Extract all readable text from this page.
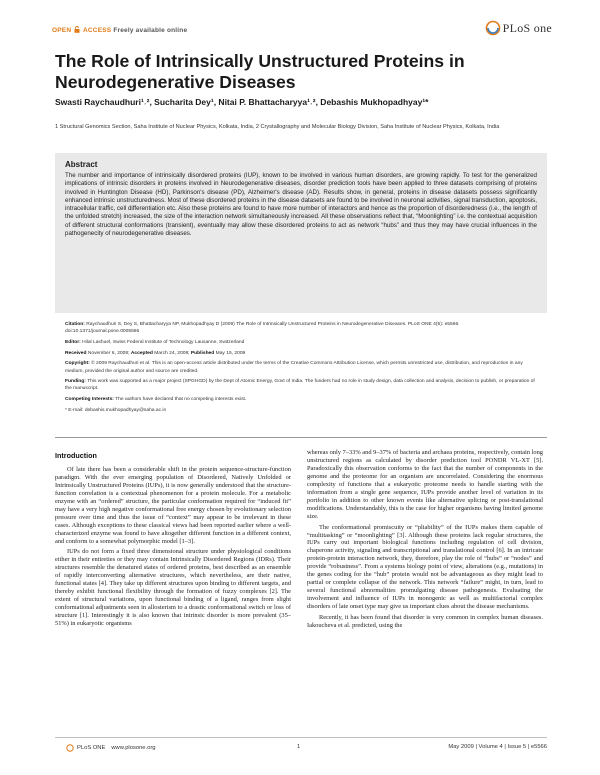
OPEN ACCESS Freely available online	PLoS one
The Role of Intrinsically Unstructured Proteins in Neurodegenerative Diseases
Swasti Raychaudhuri¹˒², Sucharita Dey¹, Nitai P. Bhattacharyya¹˒², Debashis Mukhopadhyay¹*
1 Structural Genomics Section, Saha Institute of Nuclear Physics, Kolkata, India, 2 Crystallography and Molecular Biology Division, Saha Institute of Nuclear Physics, Kolkata, India
Abstract

The number and importance of intrinsically disordered proteins (IUP), known to be involved in various human disorders, are growing rapidly. To test for the generalized implications of intrinsic disorders in proteins involved in Neurodegenerative diseases, disorder prediction tools have been applied to three datasets comprising of proteins involved in Huntington Disease (HD), Parkinson's disease (PD), Alzheimer's disease (AD). Results show, in general, proteins in disease datasets possess significantly enhanced intrinsic unstructuredness. Most of these disordered proteins in the disease datasets are found to be involved in neuronal activities, signal transduction, apoptosis, intracellular traffic, cell differentiation etc. Also these proteins are found to have more number of interactors and hence as the proportion of disorderedness (i.e., the length of the unfolded stretch) increased, the size of the interaction network simultaneously increased. All these observations reflect that, “Moonlighting” i.e. the contextual acquisition of different structural conformations (transient), eventually may allow these disordered proteins to act as network “hubs” and thus they may have crucial influences in the pathogenecity of neurodegenerative diseases.

Citation: Raychaudhuri S, Dey S, Bhattacharyya NP, Mukhopadhyay D (2009) The Role of Intrinsically Unstructured Proteins in Neurodegenerative Diseases. PLoS ONE 4(5): e5566. doi:10.1371/journal.pone.0005566
Editor: Hilal Lashuel, Swiss Federal Institute of Technology Lausanne, Switzerland
Received November 6, 2008; Accepted March 24, 2009; Published May 15, 2009
Copyright: © 2009 Raychaudhuri et al. This is an open-access article distributed under the terms of the Creative Commons Attribution License, which permits unrestricted use, distribution, and reproduction in any medium, provided the original author and source are credited.
Funding: This work was supported as a major project (SPGHGD) by the Dept of Atomic Energy, Govt of India. The funders had no role in study design, data collection and analysis, decision to publish, or preparation of the manuscript.
Competing Interests: The authors have declared that no competing interests exist.
* E-mail: debashis.mukhopadhyay@saha.ac.in
Introduction

Of late there has been a considerable shift in the protein sequence-structure-function paradigm. With the ever emerging population of Disordered, Natively Unfolded or Intrinsically Unstructured Proteins (IUPs), it is now generally understood that the structure-function correlation is a contextual phenomenon for a protein molecule. For a metabolic enzyme with an “ordered” structure, the particular conformation required for “induced fit” may have a very high negative conformational free energy chosen by evolutionary selection pressure over time and thus the issue of “context” may appear to be irrelevant in these cases. Although exceptions to these classical views had been reported earlier where a well-characterized enzyme was found to have altogether different function in a different context, and conform to a somewhat polymorphic model [1–3].

IUPs do not form a fixed three dimensional structure under physiological conditions either in their entireties or they may contain Intrinsically Disordered Regions (IDRs). Their structures resemble the denatured states of ordered proteins, best described as an ensemble of rapidly interconverting alternative structures, which nevertheless, are their native, functional states [4]. They take up different structures upon binding to different targets, and thereby exhibit functional flexibility through the formation of fuzzy complexes [2]. The extent of structural variations, upon functional binding of a ligand, ranges from slight conformational adjustments seen in allosterism to a drastic conformational switch or loss of structure [1]. Interestingly it is also known that intrinsic disorder is more prevalent (35–51%) in eukaryotic organisms

whereas only 7–33% and 9–37% of bacteria and archaea proteins, respectively, contain long unstructured regions as calculated by disorder prediction tool PONDR VL-XT [5]. Paradoxically this observation conforms to the fact that the number of components in the genome and the proteome for an organism are uncorrelated. Considering the enormous complexity of functions that a eukaryotic proteome needs to handle starting with the information from a single gene sequence, IUPs provide another level of variation in its portfolio in addition to other known events like alternative splicing or post-translational modifications. Understandably, this is the case for higher organisms having limited genome size.

The conformational promiscuity or “pliability” of the IUPs makes them capable of “multitasking” or “moonlighting” [3]. Although these proteins lack regular structures, the IUPs carry out important biological functions including regulation of cell division, chaperone activity, signaling and transcriptional and translational control [6]. In an intricate protein-protein interaction network, they, therefore, play the role of “hubs” or “nodes” and provide “robustness”. From a systems biology point of view, alterations (e.g., mutations) in the genes coding for the “hub” protein would not be advantageous as they might lead to partial or complete collapse of the network. This network “failure” might, in turn, lead to several functional abnormalities promulgating disease pathogenesis. Evaluating the involvement and influence of IUPs in monogenic as well as multifactorial complex disorders of late onset type may give us important clues about the disease mechanisms.

Recently, it has been found that disorder is very common in complex human diseases. Iakoucheva et al. predicted, using the

PLoS ONE www.plosone.org	1	May 2009 | Volume 4 | Issue 5 | e5566
